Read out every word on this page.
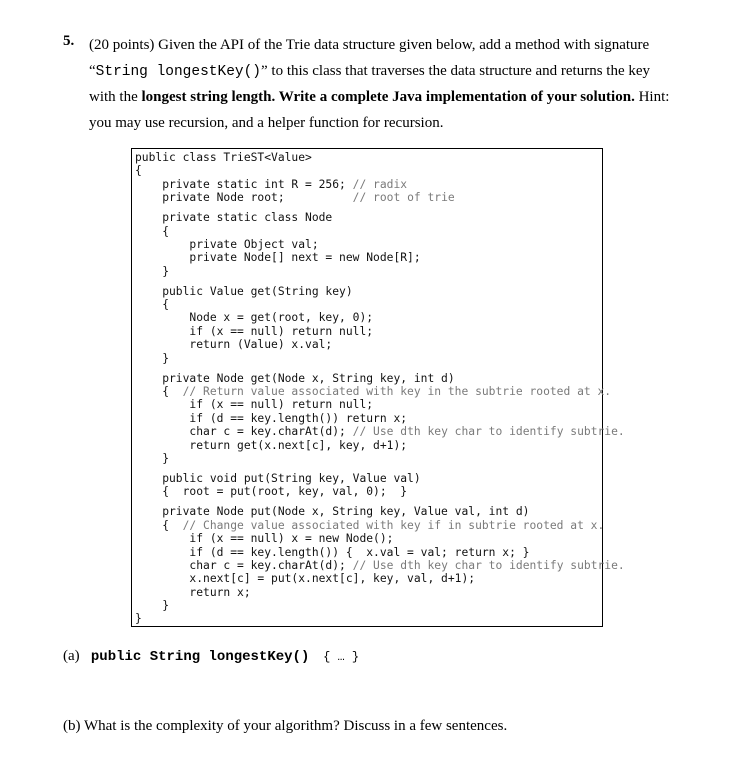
5. (20 points) Given the API of the Trie data structure given below, add a method with signature “String longestKey()” to this class that traverses the data structure and returns the key with the longest string length. Write a complete Java implementation of your solution. Hint: you may use recursion, and a helper function for recursion.
public class TrieST<Value>
{
private static int R = 256; // radix
private Node root;          // root of trie
private static class Node
{
private Object val;
private Node[] next = new Node[R];
}
public Value get(String key)
{
Node x = get(root, key, 0);
if (x == null) return null;
return (Value) x.val;
}
private Node get(Node x, String key, int d)
{  // Return value associated with key in the subtrie rooted at x.
if (x == null) return null;
if (d == key.length()) return x;
char c = key.charAt(d); // Use dth key char to identify subtrie.
return get(x.next[c], key, d+1);
}
public void put(String key, Value val)
{  root = put(root, key, val, 0);  }
private Node put(Node x, String key, Value val, int d)
{  // Change value associated with key if in subtrie rooted at x.
if (x == null) x = new Node();
if (d == key.length()) {  x.val = val; return x; }
char c = key.charAt(d); // Use dth key char to identify subtrie.
x.next[c] = put(x.next[c], key, val, d+1);
return x;
}
}
(a) public String longestKey() { … }
(b) What is the complexity of your algorithm? Discuss in a few sentences.
